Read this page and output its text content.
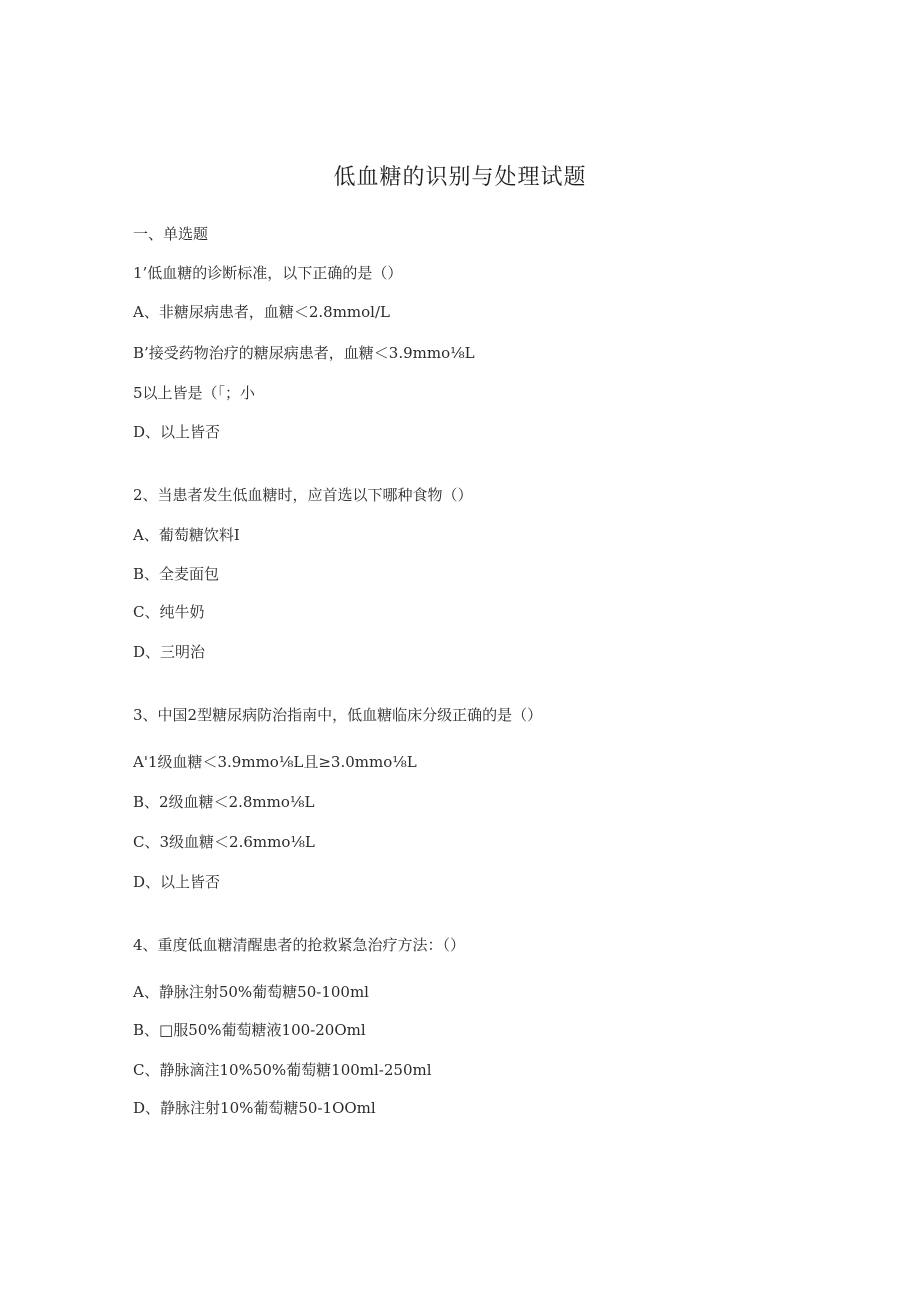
低血糖的识别与处理试题
一、单选题
1’低血糖的诊断标准，以下正确的是（）
A、非糖尿病患者，血糖＜2.8mmol/L
B’接受药物治疗的糖尿病患者，血糖＜3.9mmo⅛L
5以上皆是（「；小
D、以上皆否
2、当患者发生低血糖时，应首选以下哪种食物（）
A、葡萄糖饮料I
B、全麦面包
C、纯牛奶
D、三明治
3、中国2型糖尿病防治指南中，低血糖临床分级正确的是（）
A'1级血糖＜3.9mmo⅛L且≥3.0mmo⅛L
B、2级血糖＜2.8mmo⅛L
C、3级血糖＜2.6mmo⅛L
D、以上皆否
4、重度低血糖清醒患者的抢救紧急治疗方法：（）
A、静脉注射50%葡萄糖50-100ml
B、□服50%葡萄糖液100-20Oml
C、静脉滴注10%50%葡萄糖100ml-250ml
D、静脉注射10%葡萄糖50-1OOml
